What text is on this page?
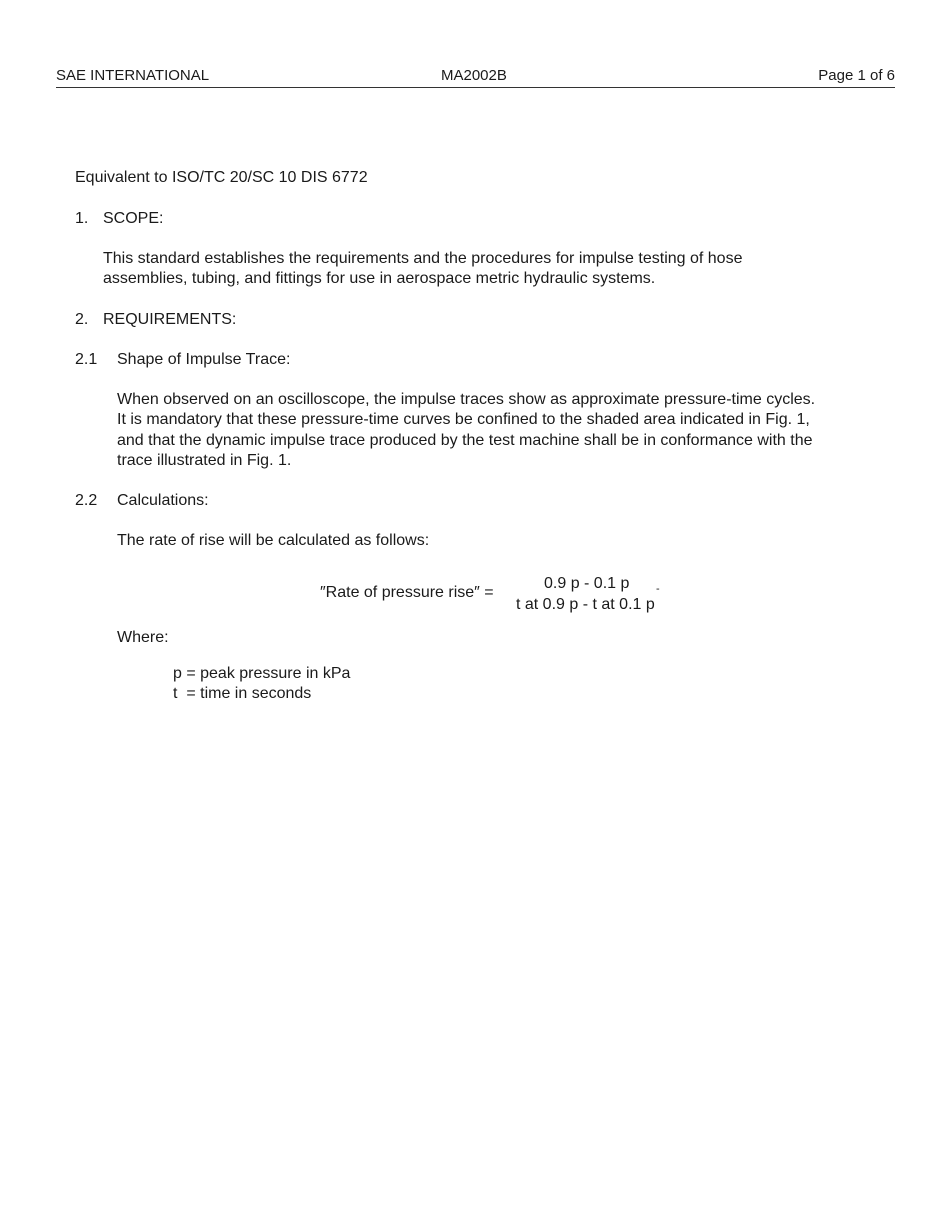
SAE INTERNATIONAL	MA2002B	Page 1 of 6
Equivalent to ISO/TC 20/SC 10 DIS 6772
1. SCOPE:
This standard establishes the requirements and the procedures for impulse testing of hose
assemblies, tubing, and fittings for use in aerospace metric hydraulic systems.
2. REQUIREMENTS:
2.1 Shape of Impulse Trace:
When observed on an oscilloscope, the impulse traces show as approximate pressure-time cycles.
It is mandatory that these pressure-time curves be confined to the shaded area indicated in Fig. 1,
and that the dynamic impulse trace produced by the test machine shall be in conformance with the
trace illustrated in Fig. 1.
2.2 Calculations:
The rate of rise will be calculated as follows:
″Rate of pressure rise″ =
0.9 p - 0.1 p
t at 0.9 p - t at 0.1 p
-
Where:
p = peak pressure in kPa
t  = time in seconds
